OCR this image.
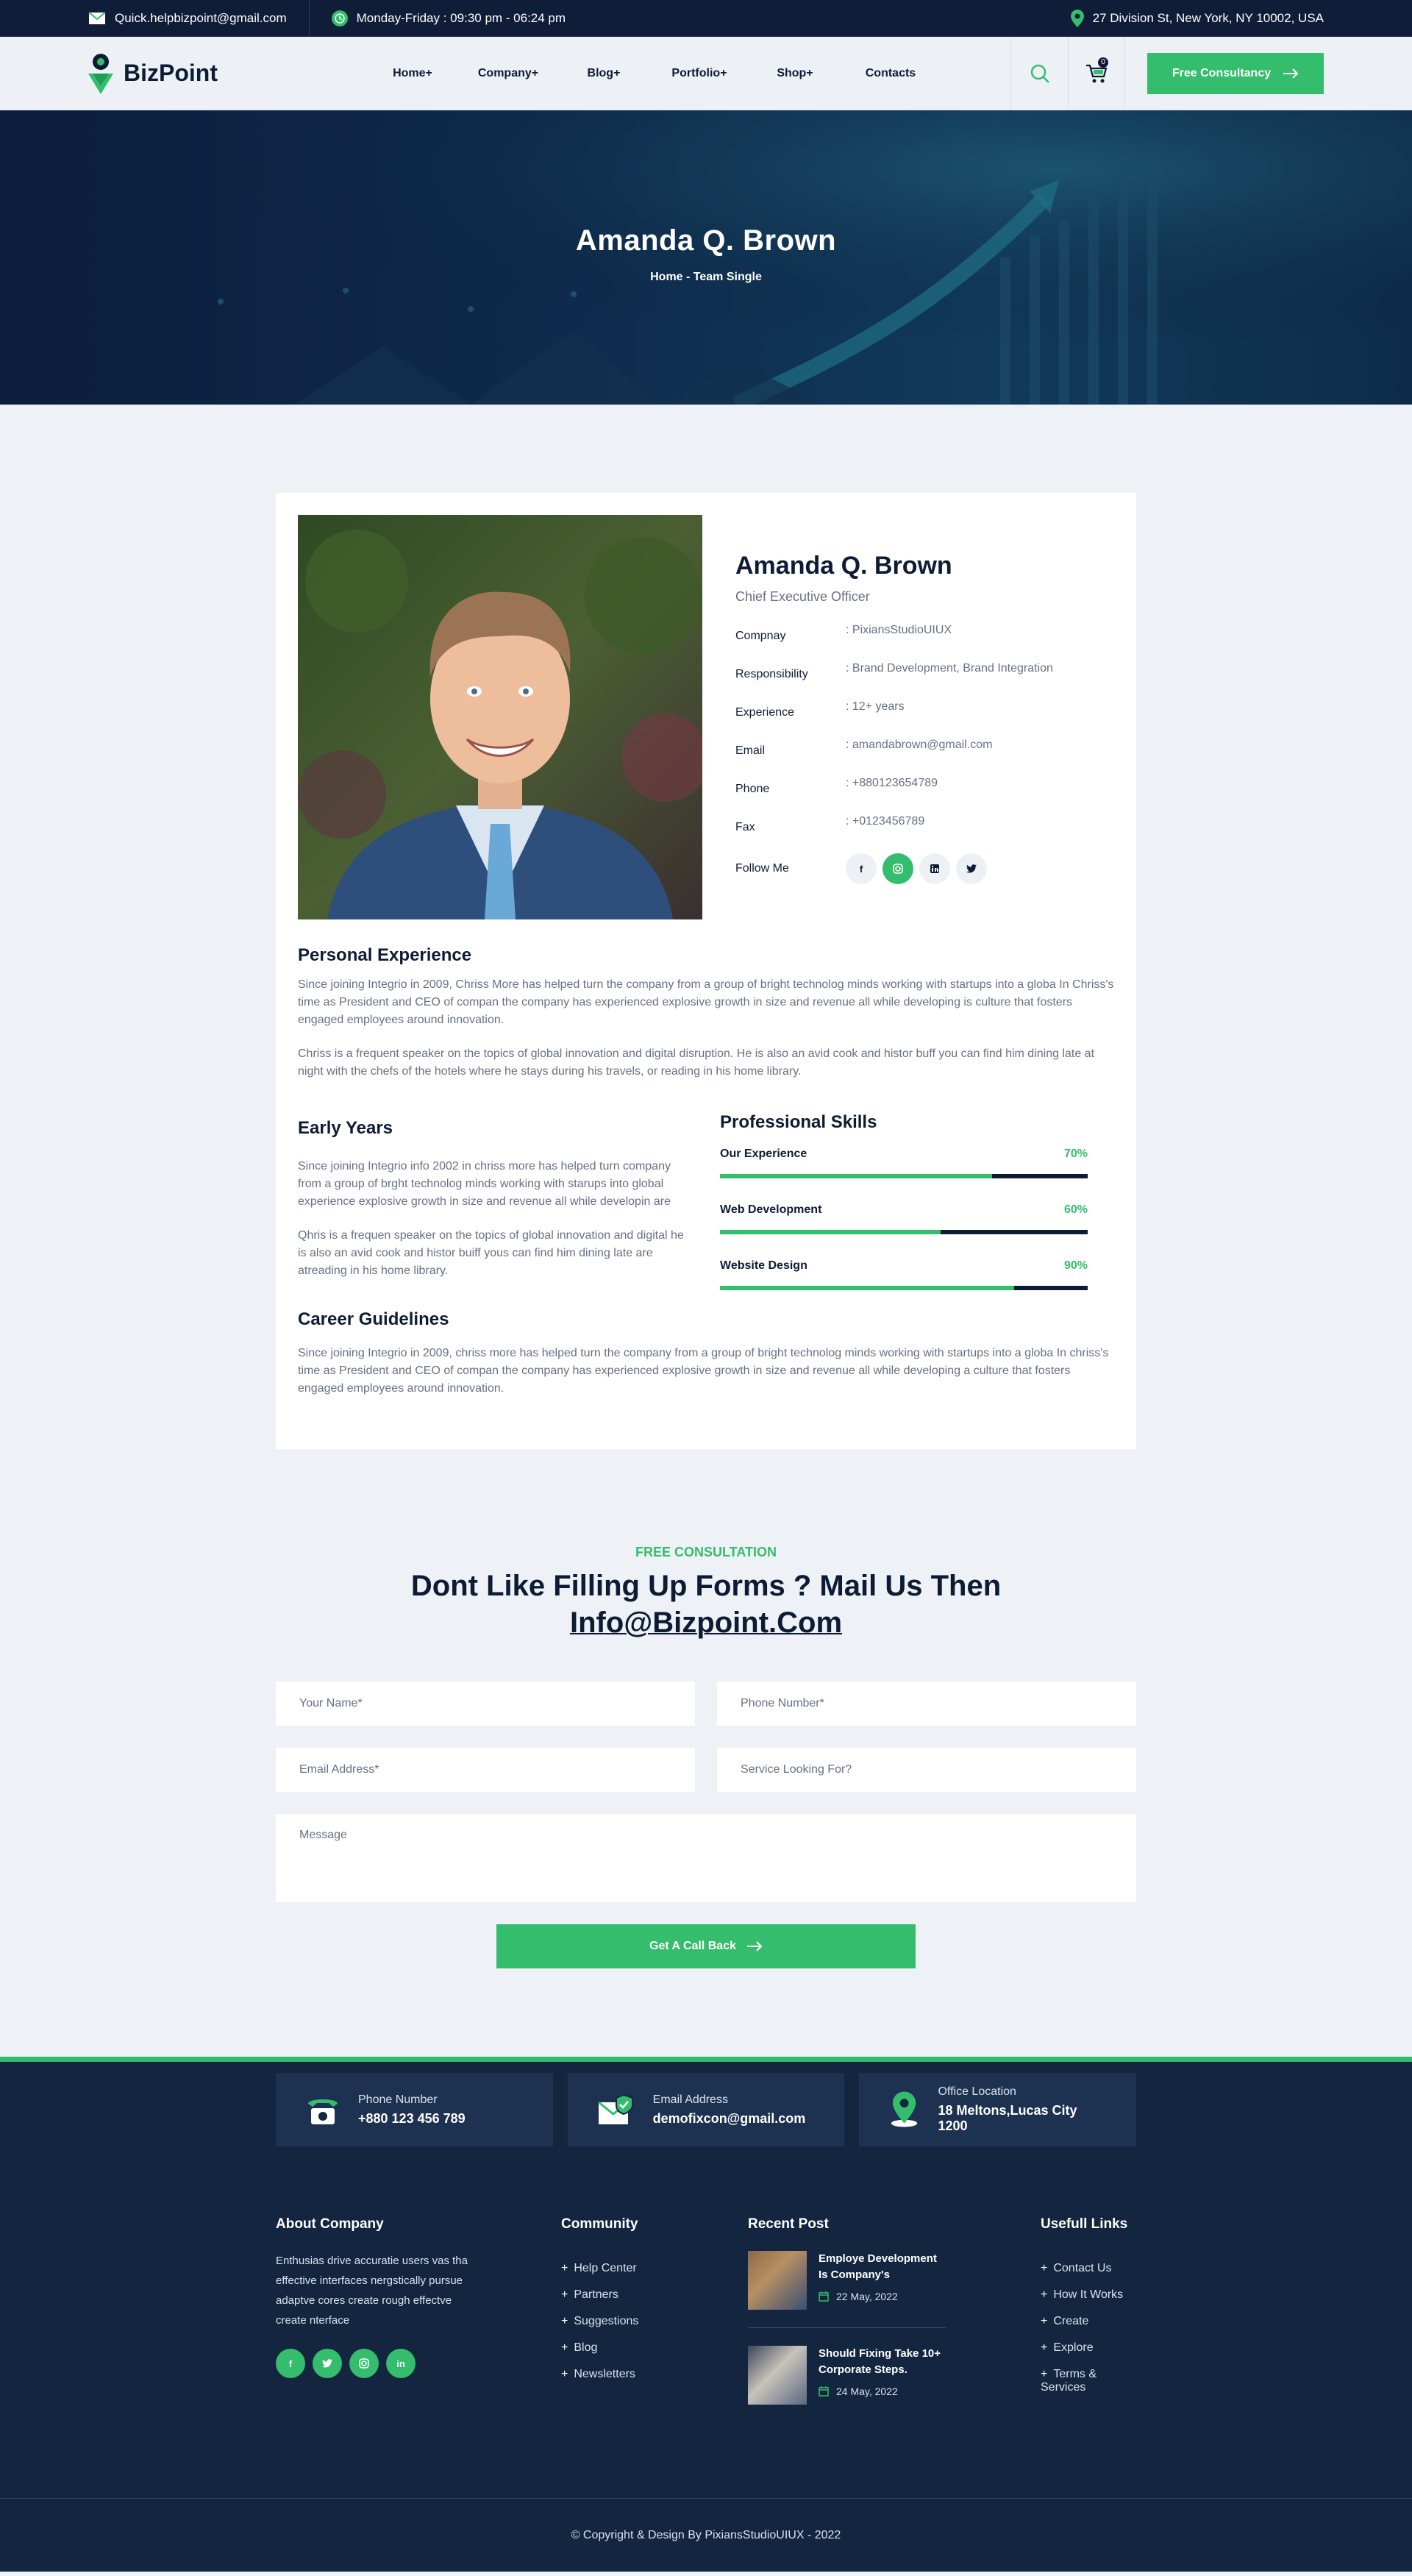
Quick.helpbizpoint@gmail.com	Monday-Friday : 09:30 pm - 06:24 pm	27 Division St, New York, NY 10002, USA
BizPoint	Home+	Company+	Blog+	Portfolio+	Shop+	Contacts
0
Free Consultancy
Amanda Q. Brown
Home - Team Single
Amanda Q. Brown
Chief Executive Officer
Compnay	: PixiansStudioUIUX
Responsibility	: Brand Development, Brand Integration
Experience	: 12+ years
Email	: amandabrown@gmail.com
Phone	: +880123654789
Fax	: +0123456789
Follow Me	f
Personal Experience

Since joining Integrio in 2009, Chriss More has helped turn the company from a group of bright technolog minds working with startups into a globa In Chriss's time as President and CEO of compan the company has experienced explosive growth in size and revenue all while developing is culture that fosters engaged employees around innovation.

Chriss is a frequent speaker on the topics of global innovation and digital disruption. He is also an avid cook and histor buff you can find him dining late at night with the chefs of the hotels where he stays during his travels, or reading in his home library.

Early Years

Since joining Integrio info 2002 in chriss more has helped turn company from a group of brght technolog minds working with starups into global experience explosive growth in size and revenue all while developin are

Qhris is a frequen speaker on the topics of global innovation and digital he is also an avid cook and histor buiff yous can find him dining late are atreading in his home library.

Professional Skills
Our Experience	70%
Web Development	60%
Website Design	90%
Career Guidelines

Since joining Integrio in 2009, chriss more has helped turn the company from a group of bright technolog minds working with startups into a globa In chriss's time as President and CEO of compan the company has experienced explosive growth in size and revenue all while developing a culture that fosters engaged employees around innovation.

FREE CONSULTATION
Dont Like Filling Up Forms ? Mail Us Then
Info@Bizpoint.Com
Your Name*	Phone Number*
Email Address*	Service Looking For?
Message
Get A Call Back
Phone Number
+880 123 456 789
Email Address
demofixcon@gmail.com
Office Location
18 Meltons,Lucas City 1200
About Company
Enthusias drive accuratie users vas tha effective interfaces nergstically pursue adaptve cores create rough effectve create nterface
f	in
Community
+ Help Center
+ Partners
+ Suggestions
+ Blog
+ Newsletters
Recent Post
Employe Development Is Company's
22 May, 2022
Should Fixing Take 10+ Corporate Steps.
24 May, 2022
Usefull Links
+ Contact Us
+ How It Works
+ Create
+ Explore
+ Terms & Services
© Copyright & Design By PixiansStudioUIUX - 2022
